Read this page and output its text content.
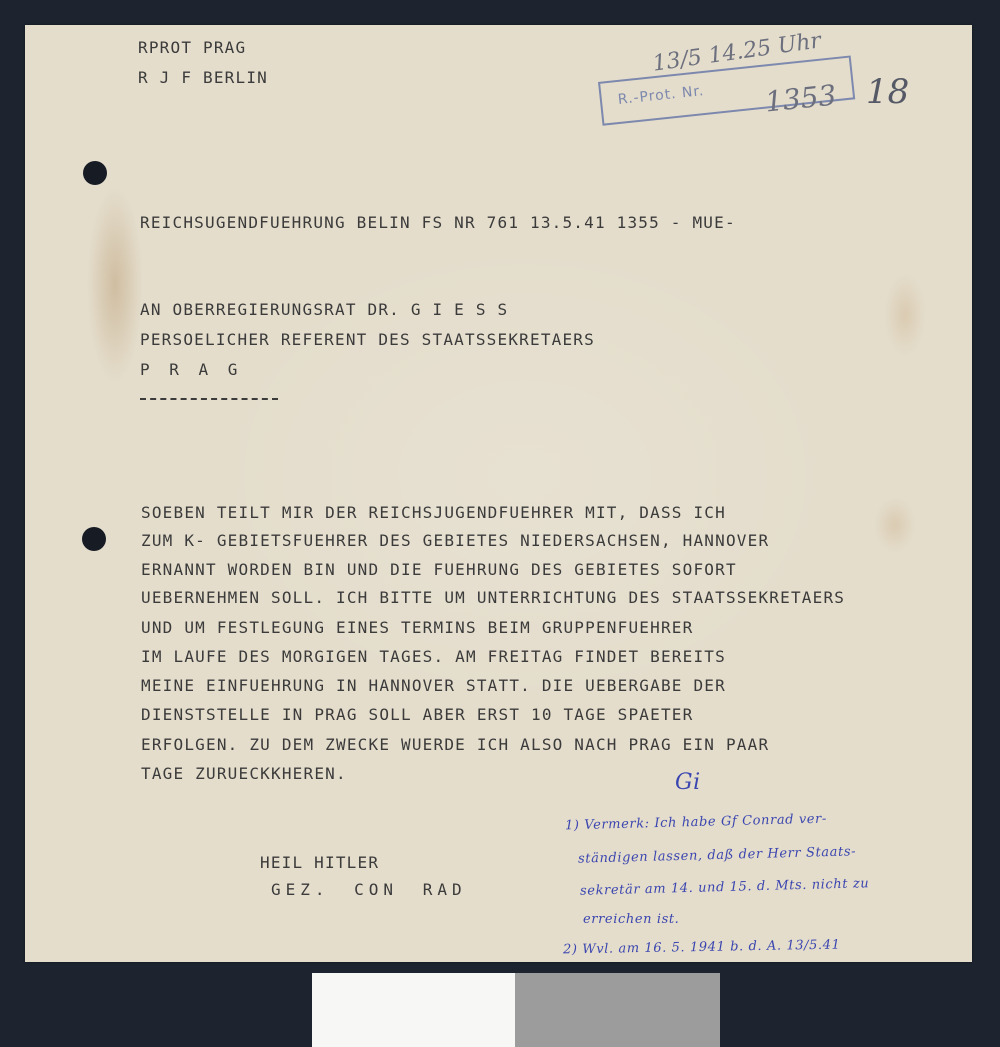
RPROT PRAG
R J F BERLIN
13/5 14.25 Uhr
R.-Prot. Nr. 1353 18
REICHSUGENDFUEHRUNG BELIN FS NR 761 13.5.41 1355 - MUE-
AN OBERREGIERUNGSRAT DR. G I E S S
PERSOELICHER REFERENT DES STAATSSEKRETAERS
P R A G
SOEBEN TEILT MIR DER REICHSJUGENDFUEHRER MIT, DASS ICH
ZUM K- GEBIETSFUEHRER DES GEBIETES NIEDERSACHSEN, HANNOVER
ERNANNT WORDEN BIN UND DIE FUEHRUNG DES GEBIETES SOFORT
UEBERNEHMEN SOLL. ICH BITTE UM UNTERRICHTUNG DES STAATSSEKRETAERS
UND UM FESTLEGUNG EINES TERMINS BEIM GRUPPENFUEHRER
IM LAUFE DES MORGIGEN TAGES. AM FREITAG FINDET BEREITS
MEINE EINFUEHRUNG IN HANNOVER STATT. DIE UEBERGABE DER
DIENSTSTELLE IN PRAG SOLL ABER ERST 10 TAGE SPAETER
ERFOLGEN. ZU DEM ZWECKE WUERDE ICH ALSO NACH PRAG EIN PAAR
TAGE ZURUECKKHEREN.
HEIL HITLER
GEZ. CON RAD
Gi
1) Vermerk: Ich habe Gf Conrad ver-
ständigen lassen, daß der Herr Staats-
sekretär am 14. und 15. d. Mts. nicht zu
erreichen ist.
2) Wvl. am 16. 5. 1941 b. d. A. 13/5.41
